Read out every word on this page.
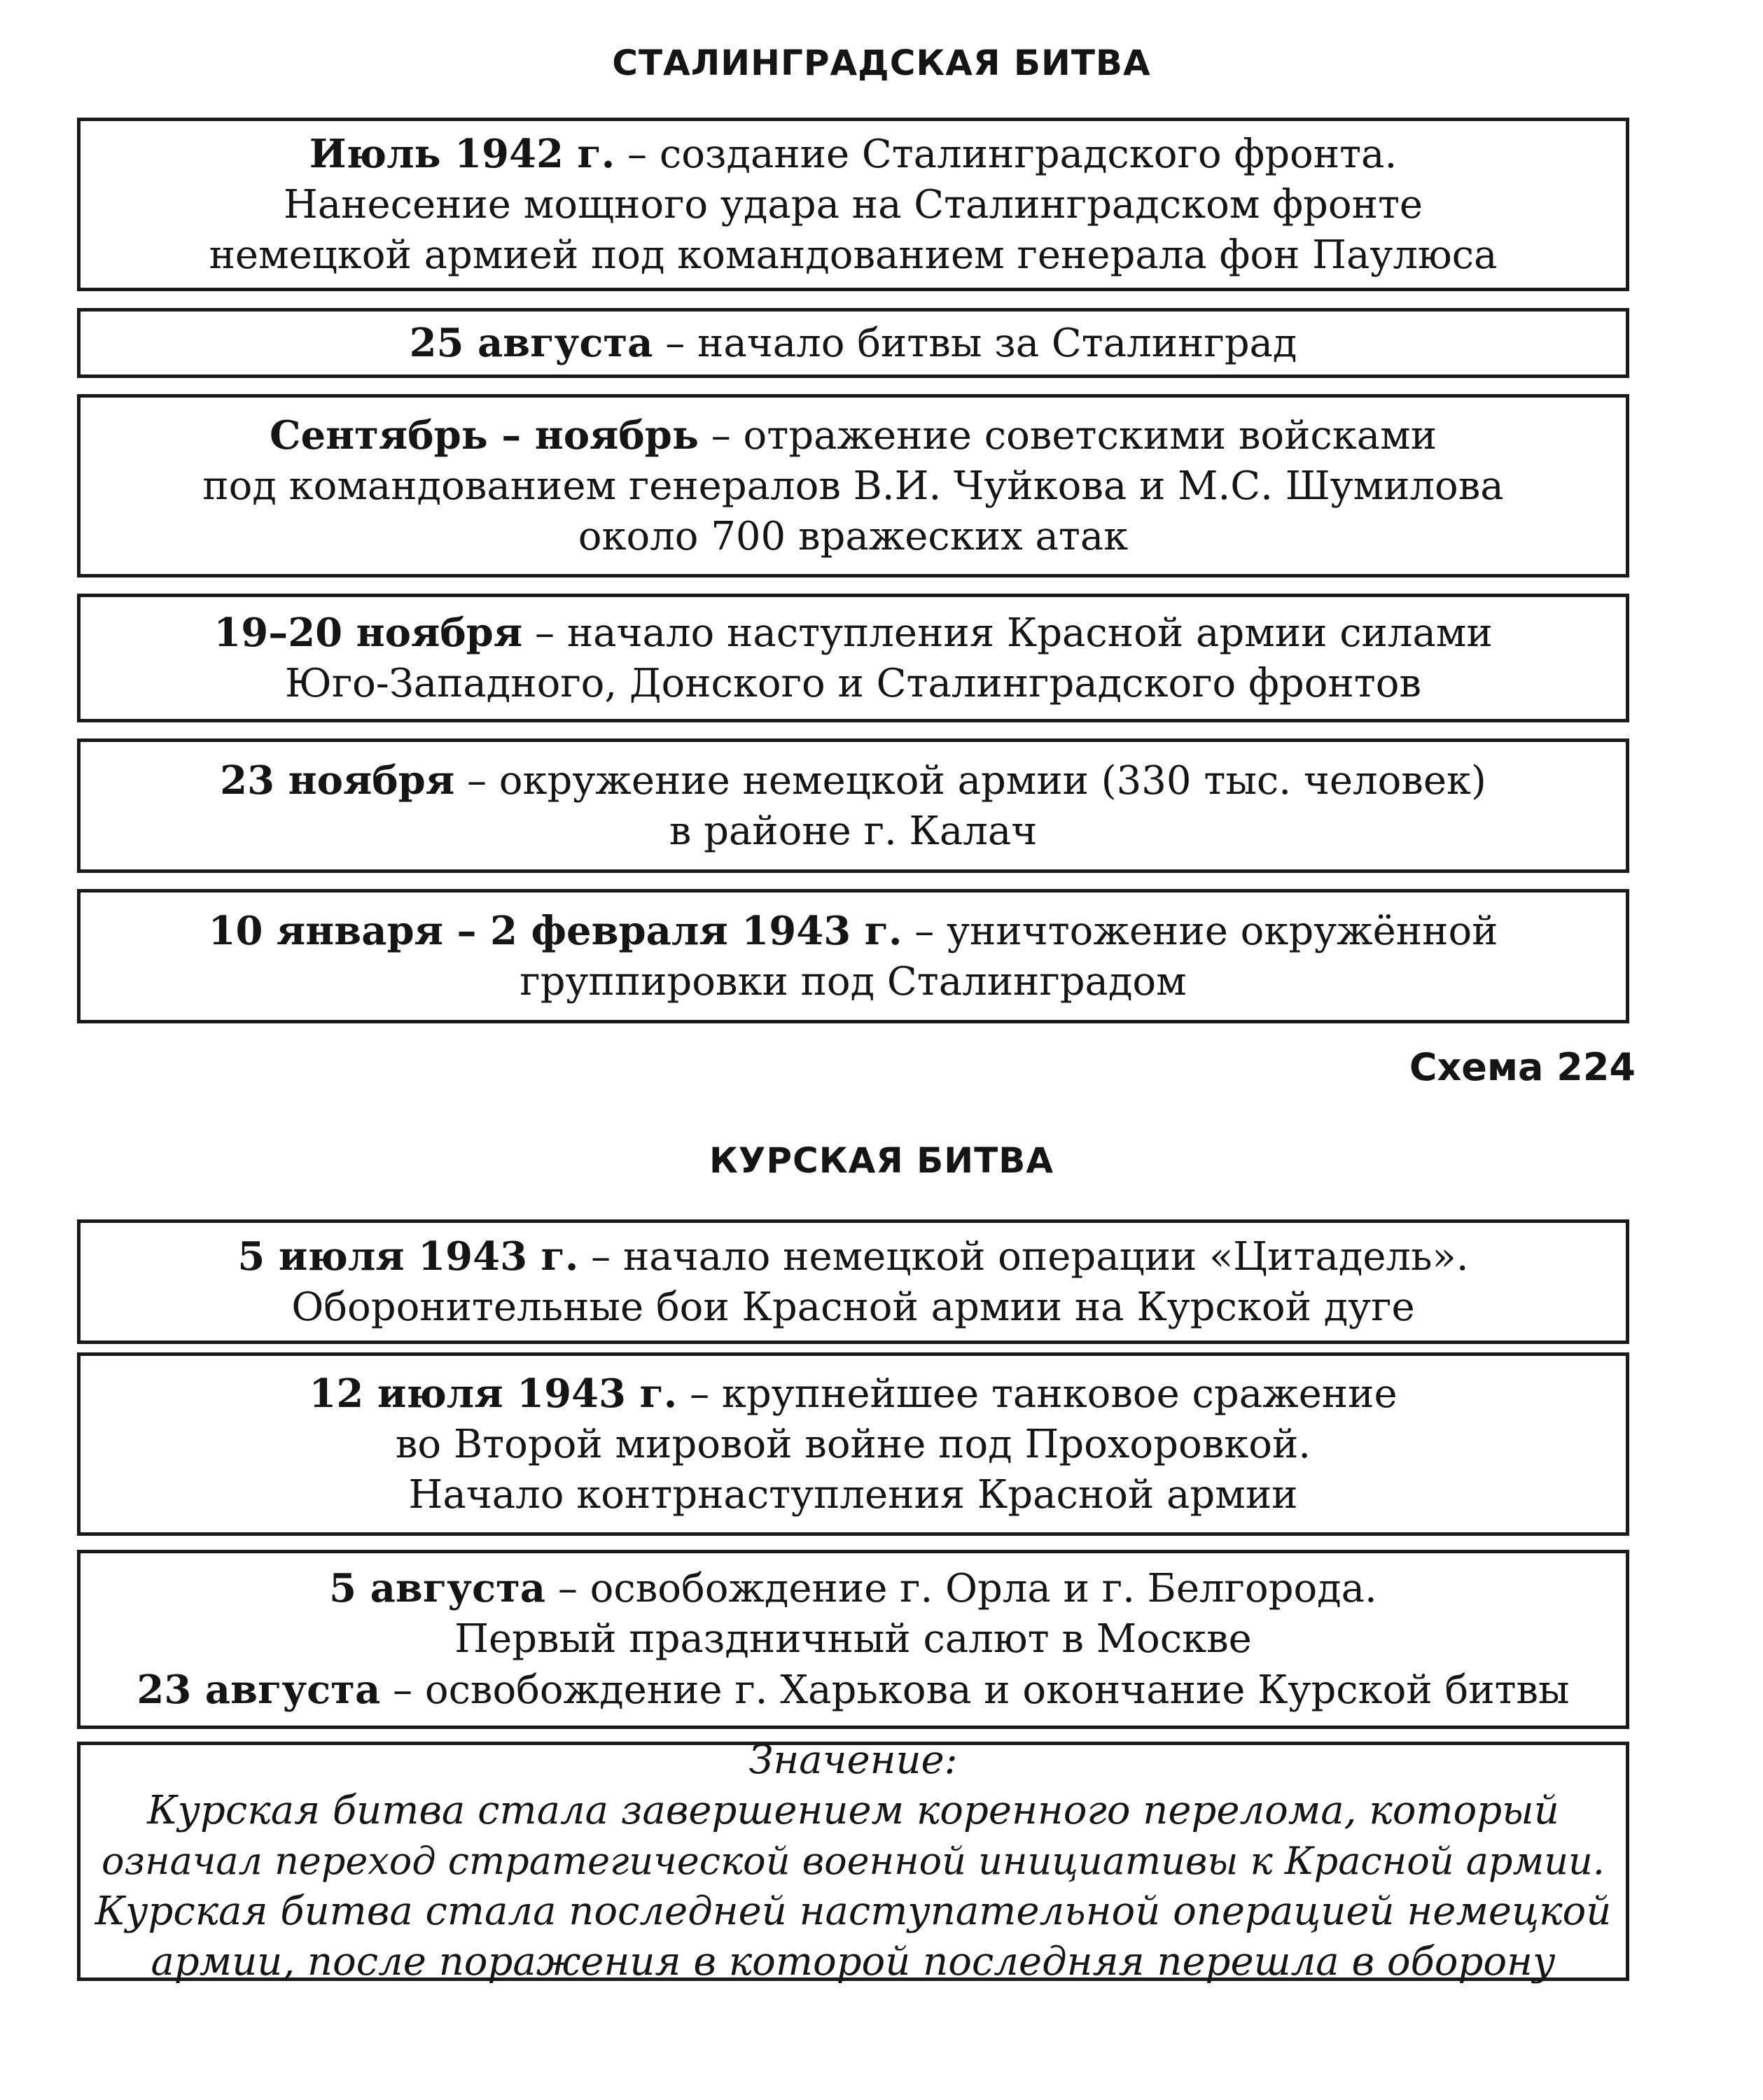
СТАЛИНГРАДСКАЯ БИТВА
Июль 1942 г. – создание Сталинградского фронта.
Нанесение мощного удара на Сталинградском фронте
немецкой армией под командованием генерала фон Паулюса
25 августа – начало битвы за Сталинград
Сентябрь – ноябрь – отражение советскими войсками
под командованием генералов В.И. Чуйкова и М.С. Шумилова
около 700 вражеских атак
19–20 ноября – начало наступления Красной армии силами
Юго-Западного, Донского и Сталинградского фронтов
23 ноября – окружение немецкой армии (330 тыс. человек)
в районе г. Калач
10 января – 2 февраля 1943 г. – уничтожение окружённой
группировки под Сталинградом
Схема 224
КУРСКАЯ БИТВА
5 июля 1943 г. – начало немецкой операции «Цитадель».
Оборонительные бои Красной армии на Курской дуге
12 июля 1943 г. – крупнейшее танковое сражение
во Второй мировой войне под Прохоровкой.
Начало контрнаступления Красной армии
5 августа – освобождение г. Орла и г. Белгорода.
Первый праздничный салют в Москве
23 августа – освобождение г. Харькова и окончание Курской битвы
Значение:
Курская битва стала завершением коренного перелома, который
означал переход стратегической военной инициативы к Красной армии.
Курская битва стала последней наступательной операцией немецкой
армии, после поражения в которой последняя перешла в оборону
